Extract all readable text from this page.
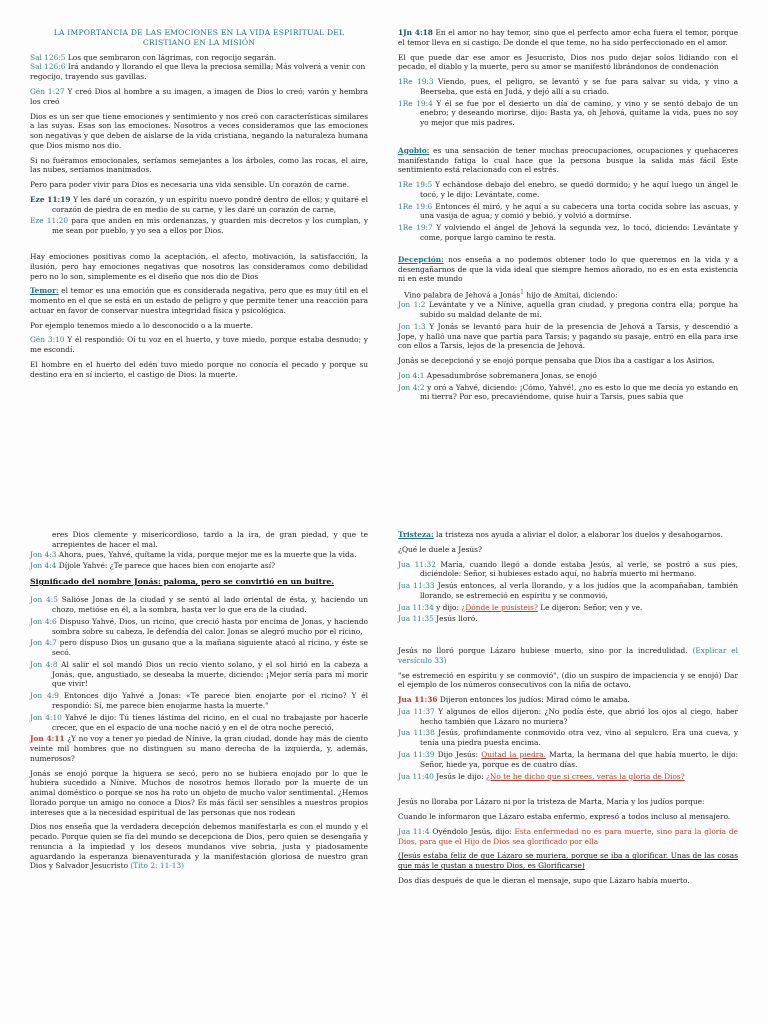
LA IMPORTANCIA DE LAS EMOCIONES EN LA VIDA ESPIRITUAL DEL CRISTIANO EN LA MISIÓN

Sal 126:5 Los que sembraron con lágrimas, con regocijo segarán.

Sal 126:6 Irá andando y llorando el que lleva la preciosa semilla; Más volverá a venir con regocijo, trayendo sus gavillas.

Gén 1:27 Y creó Dios al hombre a su imagen, a imagen de Dios lo creó; varón y hembra los creó

Dios es un ser que tiene emociones y sentimiento y nos creó con características similares a las suyas. Esas son las emociones. Nosotros a veces consideramos que las emociones son negativas y que deben de aislarse de la vida cristiana, negando la naturaleza humana que Dios mismo nos dio.

Si no fuéramos emocionales, seríamos semejantes a los árboles, como las rocas, el aire, las nubes, seríamos inanimados.

Pero para poder vivir para Dios es necesaria una vida sensible. Un corazón de carne.

Eze 11:19 Y les daré un corazón, y un espíritu nuevo pondré dentro de ellos; y quitaré el corazón de piedra de en medio de su carne, y les daré un corazón de carne,

Eze 11:20 para que anden en mis ordenanzas, y guarden mis decretos y los cumplan, y me sean por pueblo, y yo sea a ellos por Dios.

Hay emociones positivas como la aceptación, el afecto, motivación, la satisfacción, la ilusión, pero hay emociones negativas que nosotros las consideramos como debilidad pero no lo son, simplemente es el diseño que nos dio de Dios

Temor: el temor es una emoción que es considerada negativa, pero que es muy útil en el momento en el que se está en un estado de peligro y que permite tener una reacción para actuar en favor de conservar nuestra integridad física y psicológica.

Por ejemplo tenemos miedo a lo desconocido o a la muerte.

Gén 3:10 Y él respondió: Oí tu voz en el huerto, y tuve miedo, porque estaba desnudo; y me escondí.

El hombre en el huerto del edén tuvo miedo porque no conocía el pecado y porque su destino era en sí incierto, el castigo de Dios: la muerte.

1Jn 4:18 En el amor no hay temor, sino que el perfecto amor echa fuera el temor, porque el temor lleva en sí castigo. De donde el que teme, no ha sido perfeccionado en el amor.

El que puede dar ese amor es Jesucristo, Dios nos pudo dejar solos lidiando con el pecado, el diablo y la muerte, pero su amor se manifestó librándonos de condenación

1Re 19:3 Viendo, pues, el peligro, se levantó y se fue para salvar su vida, y vino a Beerseba, que está en Judá, y dejó allí a su criado.

1Re 19:4 Y él se fue por el desierto un día de camino, y vino y se sentó debajo de un enebro; y deseando morirse, dijo: Basta ya, oh Jehová, quítame la vida, pues no soy yo mejor que mis padres.

Agobio: es una sensación de tener muchas preocupaciones, ocupaciones y quehaceres manifestando fatiga lo cual hace que la persona busque la salida más fácil Este sentimiento está relacionado con el estrés.

1Re 19:5 Y echándose debajo del enebro, se quedó dormido; y he aquí luego un ángel le tocó, y le dijo: Levántate, come.

1Re 19:6 Entonces él miró, y he aquí a su cabecera una torta cocida sobre las ascuas, y una vasija de agua; y comió y bebió, y volvió a dormirse.

1Re 19:7 Y volviendo el ángel de Jehová la segunda vez, lo tocó, diciendo: Levántate y come, porque largo camino te resta.

Decepción: nos enseña a no podemos obtener todo lo que queremos en la vida y a desengañarnos de que la vida ideal que siempre hemos añorado, no es en esta existencia ni en este mundo

Vino palabra de Jehová a Jonás$^1$ hijo de Amitai, diciendo:

Jon 1:2 Levántate y ve a Nínive, aquella gran ciudad, y pregona contra ella; porque ha subido su maldad delante de mí.

Jon 1:3 Y Jonás se levantó para huir de la presencia de Jehová a Tarsis, y descendió a Jope, y halló una nave que partía para Tarsis; y pagando su pasaje, entró en ella para irse con ellos a Tarsis, lejos de la presencia de Jehová.

Jonás se decepcionó y se enojó porque pensaba que Dios iba a castigar a los Asirios.

Jon 4:1 Apesadumbróse sobremanera Jonas, se enojó

Jon 4:2 y oró a Yahvé, diciendo: ¡Cómo, Yahvé!, ¿no es esto lo que me decía yo estando en mi tierra? Por eso, precaviéndome, quise huir a Tarsis, pues sabía que

eres Dios clemente y misericordioso, tardo a la ira, de gran piedad, y que te arrepientes de hacer el mal.

Jon 4:3 Ahora, pues, Yahvé, quítame la vida, porque mejor me es la muerte que la vida.

Jon 4:4 Díjole Yahvé: ¿Te parece que haces bien con enojarte así?

Significado del nombre Jonás: paloma, pero se convirtió en un buitre.

Jon 4:5 Salióse Jonas de la ciudad y se sentó al lado oriental de ésta, y, haciendo un chozo, metióse en él, a la sombra, hasta ver lo que era de la ciudad.

Jon 4:6 Dispuso Yahvé, Dios, un ricino, que creció hasta por encima de Jonas, y haciendo sombra sobre su cabeza, le defendía del calor. Jonas se alegró mucho por el ricino,

Jon 4:7 pero dispuso Dios un gusano que a la mañana siguiente atacó al ricino, y éste se secó.

Jon 4:8 Al salir el sol mandó Dios un recio viento solano, y el sol hirió en la cabeza a Jonás, que, angustiado, se deseaba la muerte, diciendo: ¡Mejor sería para mí morir que vivir!

Jon 4:9 Entonces dijo Yahvé a Jonas: «Te parece bien enojarte por el ricino? Y él respondió: Sí, me parece bien enojarme hasta la muerte."

Jon 4:10 Yahvé le dijo: Tú tienes lástima del ricino, en el cual no trabajaste por hacerle crecer, que en el espacio de una noche nació y en el de otra noche pereció,

Jon 4:11 ¿Y no voy a tener yo piedad de Nínive, la gran ciudad, donde hay más de ciento veinte mil hombres que no distinguen su mano derecha de la izquierda, y, además, numerosos?

Jonás se enojó porque la higuera se secó, pero no se hubiera enojado por lo que le hubiera sucedido a Nínive. Muchos de nosotros hemos llorado por la muerte de un animal doméstico o porque se nos ha roto un objeto de mucho valor sentimental. ¿Hemos llorado porque un amigo no conoce a Dios? Es más fácil ser sensibles a nuestros propios intereses que a la necesidad espiritual de las personas que nos rodean

Dios nos enseña que la verdadera decepción debemos manifestarla es con el mundo y el pecado. Porque quien se fía del mundo se decepciona de Dios, pero quien se desengaña y renuncia a la impiedad y los deseos mundanos vive sobria, justa y piadosamente aguardando la esperanza bienaventurada y la manifestación gloriosa de nuestro gran Dios y Salvador Jesucristo (Tito 2: 11-13)

Tristeza: la tristeza nos ayuda a aliviar el dolor, a elaborar los duelos y desahogarnos.

¿Qué le duele a Jesús?

Jua 11:32 María, cuando llegó a donde estaba Jesús, al verle, se postró a sus pies, diciéndole: Señor, si hubieses estado aquí, no habría muerto mi hermano.

Jua 11:33 Jesús entonces, al verla llorando, y a los judíos que la acompañaban, también llorando, se estremeció en espíritu y se conmovió,

Jua 11:34 y dijo: ¿Dónde le pusisteis? Le dijeron: Señor, ven y ve.

Jua 11:35 Jesús lloró.

Jesús no lloró porque Lázaro hubiese muerto, sino por la incredulidad. (Explicar el versículo 33)

"se estremeció en espíritu y se conmovió", (dio un suspiro de impaciencia y se enojó) Dar el ejemplo de los números consecutivos con la niña de octavo.

Jua 11:36 Dijeron entonces los judíos: Mirad cómo le amaba.

Jua 11:37 Y algunos de ellos dijeron: ¿No podía éste, que abrió los ojos al ciego, haber hecho también que Lázaro no muriera?

Jua 11:38 Jesús, profundamente conmovido otra vez, vino al sepulcro. Era una cueva, y tenía una piedra puesta encima.

Jua 11:39 Dijo Jesús: Quitad la piedra. Marta, la hermana del que había muerto, le dijo: Señor, hiede ya, porque es de cuatro días.

Jua 11:40 Jesús le dijo: ¿No te he dicho que si crees, verás la gloria de Dios?

Jesús no lloraba por Lázaro ni por la tristeza de Marta, María y los judíos porque:

Cuando le informaron que Lázaro estaba enfermo, expresó a todos incluso al mensajero.

Jua 11:4 Oyéndolo Jesús, dijo: Esta enfermedad no es para muerte, sino para la gloria de Dios, para que el Hijo de Dios sea glorificado por ella

(Jesús estaba feliz de que Lázaro se muriera, porque se iba a glorificar. Unas de las cosas que más le gustan a nuestro Dios, es Glorificarse)

Dos días después de que le dieran el mensaje, supo que Lázaro había muerto.
